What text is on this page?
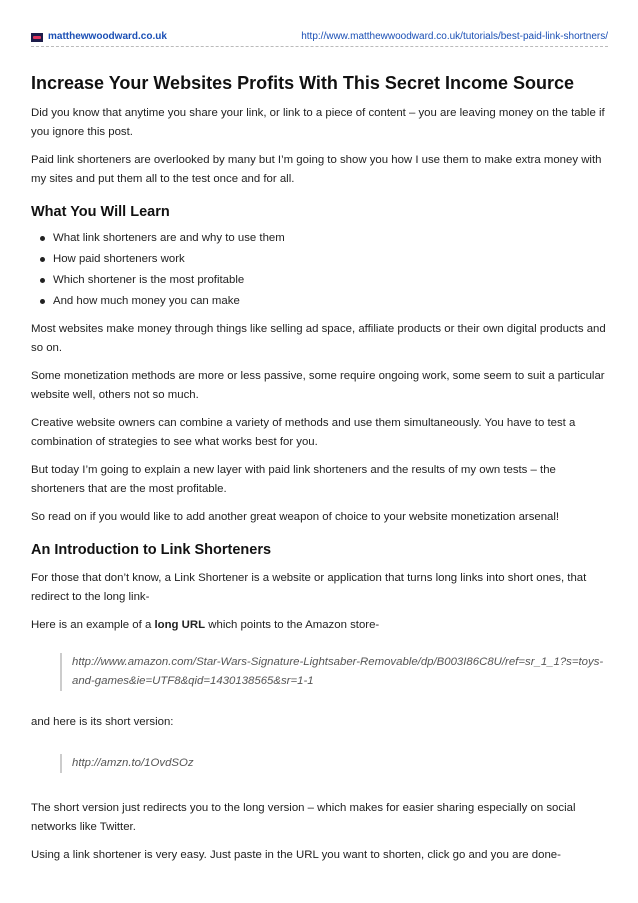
matthewwoodward.co.uk	http://www.matthewwoodward.co.uk/tutorials/best-paid-link-shortners/
Increase Your Websites Profits With This Secret Income Source

Did you know that anytime you share your link, or link to a piece of content – you are leaving money on the table if you ignore this post.

Paid link shorteners are overlooked by many but I’m going to show you how I use them to make extra money with my sites and put them all to the test once and for all.

What You Will Learn
What link shorteners are and why to use them
How paid shorteners work
Which shortener is the most profitable
And how much money you can make

Most websites make money through things like selling ad space, affiliate products or their own digital products and so on.

Some monetization methods are more or less passive, some require ongoing work, some seem to suit a particular website well, others not so much.

Creative website owners can combine a variety of methods and use them simultaneously. You have to test a combination of strategies to see what works best for you.

But today I’m going to explain a new layer with paid link shorteners and the results of my own tests – the shorteners that are the most profitable.

So read on if you would like to add another great weapon of choice to your website monetization arsenal!

An Introduction to Link Shorteners

For those that don’t know, a Link Shortener is a website or application that turns long links into short ones, that redirect to the long link-

Here is an example of a long URL which points to the Amazon store-

http://www.amazon.com/Star-Wars-Signature-Lightsaber-Removable/dp/B003I86C8U/ref=sr_1_1?s=toys-and-games&ie=UTF8&qid=1430138565&sr=1-1

and here is its short version:

http://amzn.to/1OvdSOz

The short version just redirects you to the long version – which makes for easier sharing especially on social networks like Twitter.

Using a link shortener is very easy. Just paste in the URL you want to shorten, click go and you are done-
